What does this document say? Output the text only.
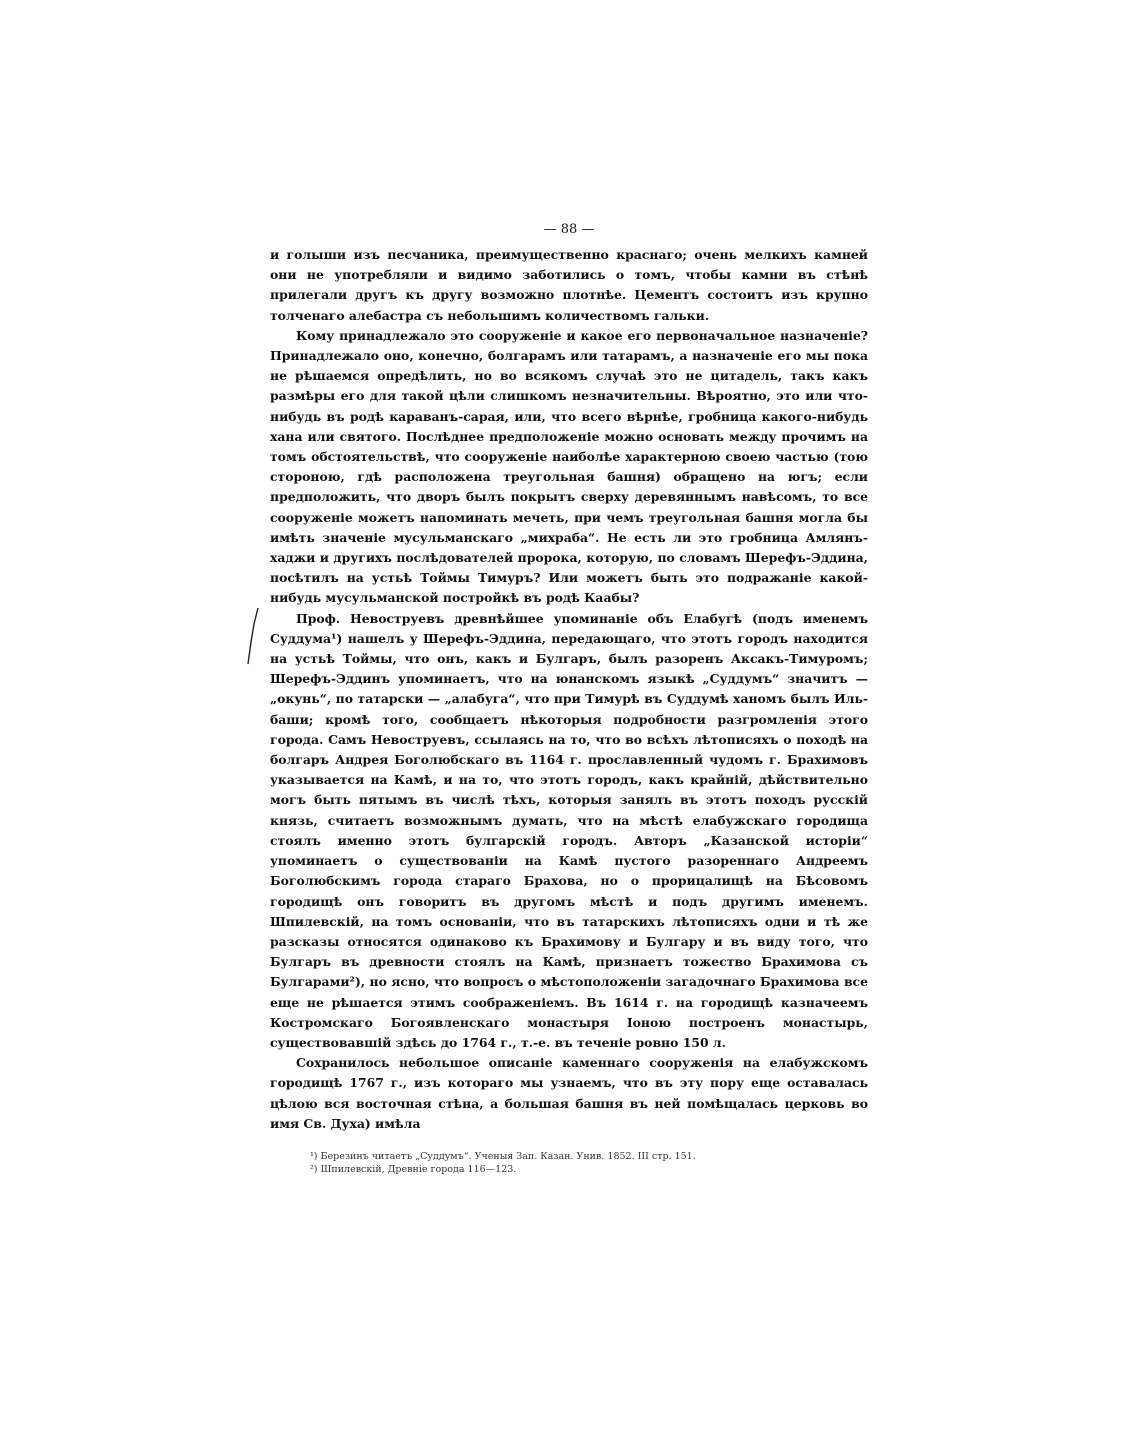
— 88 —

и голыши изъ песчаника, преимущественно краснаго; очень мелкихъ камней они не употребляли и видимо заботились о томъ, чтобы камни въ стѣнѣ прилегали другъ къ другу возможно плотнѣе. Цементъ состоитъ изъ крупно толченаго алебастра съ небольшимъ количествомъ гальки.

Кому принадлежало это сооруженіе и какое его первоначальное назначеніе? Принадлежало оно, конечно, болгарамъ или татарамъ, а назначеніе его мы пока не рѣшаемся опредѣлить, но во всякомъ случаѣ это не цитадель, такъ какъ размѣры его для такой цѣли слишкомъ незначительны. Вѣроятно, это или что-нибудь въ родѣ караванъ-сарая, или, что всего вѣрнѣе, гробница какого-нибудь хана или святого. Послѣднее предположеніе можно основать между прочимъ на томъ обстоятельствѣ, что сооруженіе наиболѣе характерною своею частью (тою стороною, гдѣ расположена треугольная башня) обращено на югъ; если предположить, что дворъ былъ покрытъ сверху деревяннымъ навѣсомъ, то все сооруженіе можетъ напоминать мечеть, при чемъ треугольная башня могла бы имѣть значеніе мусульманскаго „михраба“. Не есть ли это гробница Амлянъ-хаджи и другихъ послѣдователей пророка, которую, по словамъ Шерефъ-Эддина, посѣтилъ на устьѣ Тоймы Тимуръ? Или можетъ быть это подражаніе какой-нибудь мусульманской постройкѣ въ родѣ Каабы?

Проф. Невоструевъ древнѣйшее упоминаніе объ Елабугѣ (подъ именемъ Суддума¹) нашелъ у Шерефъ-Эддина, передающаго, что этотъ городъ находится на устьѣ Тоймы, что онъ, какъ и Булгаръ, былъ разоренъ Аксакъ-Тимуромъ; Шерефъ-Эддинъ упоминаетъ, что на юнанскомъ языкѣ „Суддумъ“ значитъ — „окунь“, по татарски — „алабуга“, что при Тимурѣ въ Суддумѣ ханомъ былъ Иль-баши; кромѣ того, сообщаетъ нѣкоторыя подробности разгромленія этого города. Самъ Невоструевъ, ссылаясь на то, что во всѣхъ лѣтописяхъ о походѣ на болгаръ Андрея Боголюбскаго въ 1164 г. прославленный чудомъ г. Брахимовъ указывается на Камѣ, и на то, что этотъ городъ, какъ крайній, дѣйствительно могъ быть пятымъ въ числѣ тѣхъ, которыя занялъ въ этотъ походъ русскій князь, считаетъ возможнымъ думать, что на мѣстѣ елабужскаго городища стоялъ именно этотъ булгарскій городъ. Авторъ „Казанской исторіи“ упоминаетъ о существованіи на Камѣ пустого разореннаго Андреемъ Боголюбскимъ города стараго Брахова, но о прорицалищѣ на Бѣсовомъ городищѣ онъ говоритъ въ другомъ мѣстѣ и подъ другимъ именемъ. Шпилевскій, на томъ основаніи, что въ татарскихъ лѣтописяхъ одни и тѣ же разсказы относятся одинаково къ Брахимову и Булгару и въ виду того, что Булгаръ въ древности стоялъ на Камѣ, признаетъ тожество Брахимова съ Булгарами²), но ясно, что вопросъ о мѣстоположеніи загадочнаго Брахимова все еще не рѣшается этимъ соображеніемъ. Въ 1614 г. на городищѣ казначеемъ Костромскаго Богоявленскаго монастыря Іоною построенъ монастырь, существовавшій здѣсь до 1764 г., т.-е. въ теченіе ровно 150 л.

Сохранилось небольшое описаніе каменнаго сооруженія на елабужскомъ городищѣ 1767 г., изъ котораго мы узнаемъ, что въ эту пору еще оставалась цѣлою вся восточная стѣна, а большая башня въ ней помѣщалась церковь во имя Св. Духа) имѣла

¹) Березинъ читаетъ „Суддумъ“. Ученыя Зап. Казан. Унив. 1852. III стр. 151.

²) Шпилевскій, Древніе города 116—123.
